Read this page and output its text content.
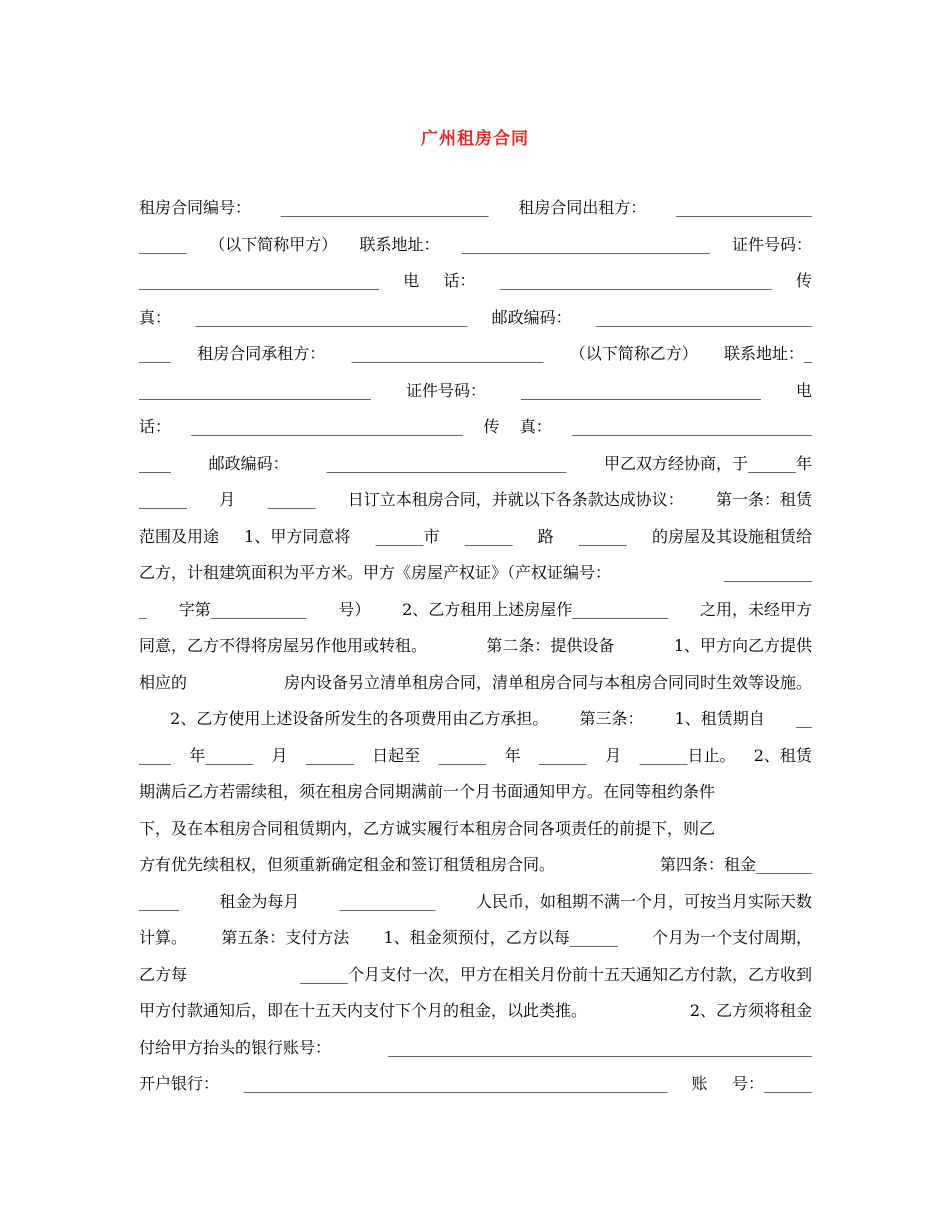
广州租房合同
租房合同编号： __________________________ 租房合同出租方： _________________
______ （以下简称甲方） 联系地址： _______________________________ 证件号码：
______________________________ 电 话： __________________________________ 传
真： __________________________________ 邮政编码： ___________________________
____ 租房合同承租方： ________________________ （以下简称乙方） 联系地址：_
_____________________________ 证件号码： ______________________________ 电
话： __________________________________ 传 真： ______________________________
____ 邮政编码： ______________________________ 甲乙双方经协商，于______年
______ 月 ______ 日订立本租房合同，并就以下各条款达成协议： 第一条：租赁
范围及用途 1、甲方同意将 ______市 ______ 路 ______ 的房屋及其设施租赁给
乙方，计租建筑面积为平方米。甲方《房屋产权证》（产权证编号：	___________
_ 字第____________ 号） 2、乙方租用上述房屋作____________ 之用，未经甲方
同意，乙方不得将房屋另作他用或转租。	第二条：提供设备	1、甲方向乙方提供
相应的	房内设备另立清单租房合同，清单租房合同与本租房合同同时生效等设施。
2、乙方使用上述设备所发生的各项费用由乙方承担。 第三条： 1、租赁期自 __
____ 年______ 月 ______ 日起至 ______ 年 ______ 月 ______日止。 2、租赁
期满后乙方若需续租，须在租房合同期满前一个月书面通知甲方。在同等租约条件
下，及在本租房合同租赁期内，乙方诚实履行本租房合同各项责任的前提下，则乙
方有优先续租权，但须重新确定租金和签订租赁租房合同。	第四条：租金_______
_____	租金为每月	____________	人民币，如租期不满一个月，可按当月实际天数
计算。 第五条：支付方法 1、租金须预付，乙方以每______ 个月为一个支付周期，
乙方每	______个月支付一次，甲方在相关月份前十五天通知乙方付款，乙方收到
甲方付款通知后，即在十五天内支付下个月的租金，以此类推。	2、乙方须将租金
付给甲方抬头的银行账号：	_____________________________________________________
开户银行： _____________________________________________________ 账 号：______
